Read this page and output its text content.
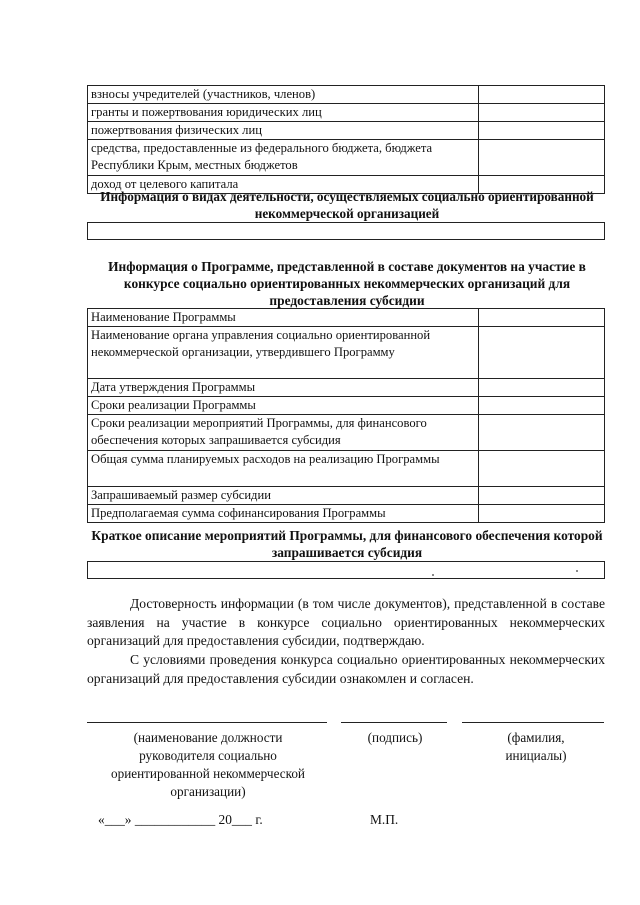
взносы учредителей (участников, членов)	
гранты и пожертвования юридических лиц	
пожертвования физических лиц	
средства, предоставленные из федерального бюджета, бюджета Республики Крым, местных бюджетов	
доход от целевого капитала	
Информация о видах деятельности, осуществляемых социально ориентированной некоммерческой организацией
Информация о Программе, представленной в составе документов на участие в конкурсе социально ориентированных некоммерческих организаций для предоставления субсидии
Наименование Программы	
Наименование органа управления социально ориентированной некоммерческой организации, утвердившего Программу	
Дата утверждения Программы	
Сроки реализации Программы	
Сроки реализации мероприятий Программы, для финансового обеспечения которых запрашивается субсидия	
Общая сумма планируемых расходов на реализацию Программы	
Запрашиваемый размер субсидии	
Предполагаемая сумма софинансирования Программы	
Краткое описание мероприятий Программы, для финансового обеспечения которой запрашивается субсидия
Достоверность информации (в том числе документов), представленной в составе заявления на участие в конкурсе социально ориентированных некоммерческих организаций для предоставления субсидии, подтверждаю.
С условиями проведения конкурса социально ориентированных некоммерческих организаций для предоставления субсидии ознакомлен и согласен.
(наименование должности руководителя социально ориентированной некоммерческой организации)
(подпись)	(фамилия, инициалы)
«___» ____________ 20___ г.	М.П.
